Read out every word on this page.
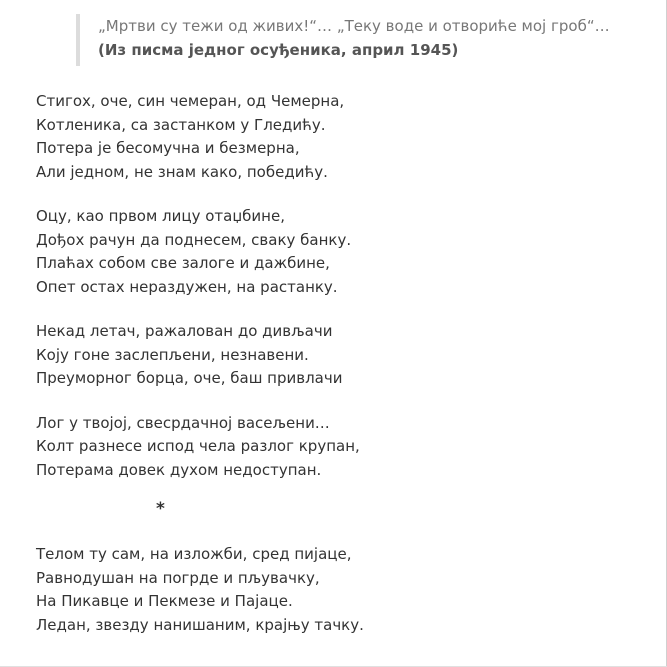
„Мртви су тежи од живих!“… „Теку воде и отвориће мој гроб“…
(Из писма једног осуђеника, април 1945)
Стигох, оче, син чемеран, од Чемерна,
Котленика, са застанком у Гледићу.
Потера је бесомучна и безмерна,
Али једном, не знам како, победићу.
Оцу, као првом лицу отаџбине,
Дођох рачун да поднесем, сваку банку.
Плаћах собом све залоге и дажбине,
Опет остах нераздужен, на растанку.
Некад летач, ражалован до дивљачи
Коју гоне заслепљени, незнавени.
Преуморног борца, оче, баш привлачи
Лог у твојој, свесрдачној васељени…
Колт разнесе испод чела разлог крупан,
Потерама довек духом недоступан.
*
Телом ту сам, на изложби, сред пијаце,
Равнодушан на погрде и пљувачку,
На Пикавце и Пекмезе и Пајаце.
Ледан, звезду нанишаним, крајњу тачку.
